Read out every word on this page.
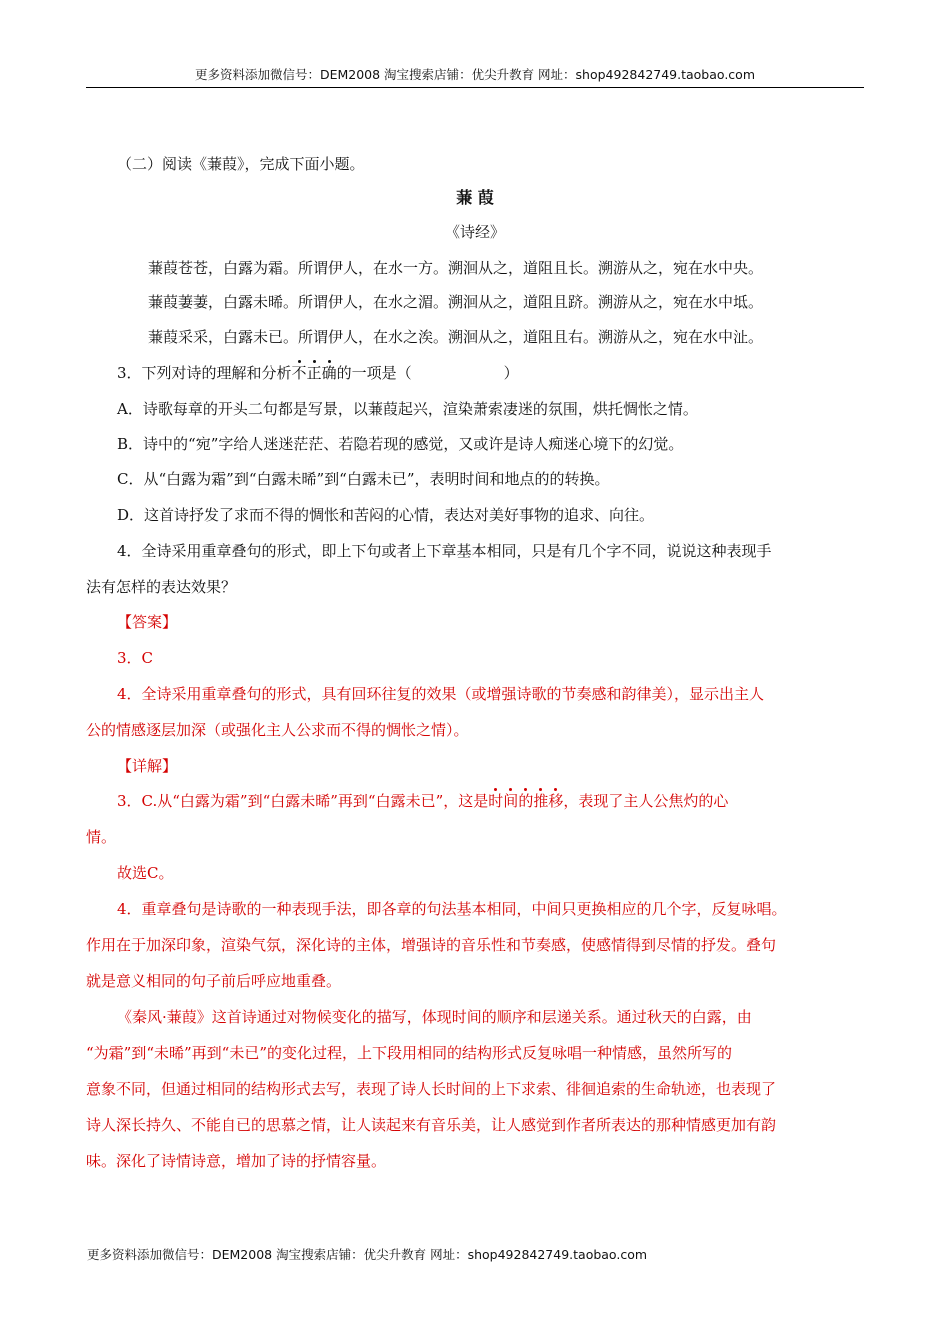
更多资料添加微信号：DEM2008 淘宝搜索店铺：优尖升教育 网址：shop492842749.taobao.com
（二）阅读《蒹葭》，完成下面小题。
蒹 葭
《诗经》
蒹葭苍苍，白露为霜。所谓伊人，在水一方。溯洄从之，道阻且长。溯游从之，宛在水中央。
蒹葭萋萋，白露未晞。所谓伊人，在水之湄。溯洄从之，道阻且跻。溯游从之，宛在水中坻。
蒹葭采采，白露未已。所谓伊人，在水之涘。溯洄从之，道阻且右。溯游从之，宛在水中沚。
3．下列对诗的理解和分析不正确的一项是（	）
A．诗歌每章的开头二句都是写景，以蒹葭起兴，渲染萧索凄迷的氛围，烘托惆怅之情。
B．诗中的“宛”字给人迷迷茫茫、若隐若现的感觉，又或许是诗人痴迷心境下的幻觉。
C．从“白露为霜”到“白露未晞”到“白露未已”，表明时间和地点的的转换。
D．这首诗抒发了求而不得的惆怅和苦闷的心情，表达对美好事物的追求、向往。
4．全诗采用重章叠句的形式，即上下句或者上下章基本相同，只是有几个字不同，说说这种表现手
法有怎样的表达效果？
【答案】
3．C
4．全诗采用重章叠句的形式，具有回环往复的效果（或增强诗歌的节奏感和韵律美），显示出主人
公的情感逐层加深（或强化主人公求而不得的惆怅之情）。
【详解】
3．C.从“白露为霜”到“白露未晞”再到“白露未已”，这是时间的推移，表现了主人公焦灼的心
情。
故选C。
4．重章叠句是诗歌的一种表现手法，即各章的句法基本相同，中间只更换相应的几个字，反复咏唱。
作用在于加深印象，渲染气氛，深化诗的主体，增强诗的音乐性和节奏感，使感情得到尽情的抒发。叠句
就是意义相同的句子前后呼应地重叠。
《秦风·蒹葭》这首诗通过对物候变化的描写，体现时间的顺序和层递关系。通过秋天的白露，由
“为霜”到“未晞”再到“未已”的变化过程，上下段用相同的结构形式反复咏唱一种情感，虽然所写的
意象不同，但通过相同的结构形式去写，表现了诗人长时间的上下求索、徘徊追索的生命轨迹，也表现了
诗人深长持久、不能自已的思慕之情，让人读起来有音乐美，让人感觉到作者所表达的那种情感更加有韵
味。深化了诗情诗意，增加了诗的抒情容量。
更多资料添加微信号：DEM2008 淘宝搜索店铺：优尖升教育 网址：shop492842749.taobao.com
